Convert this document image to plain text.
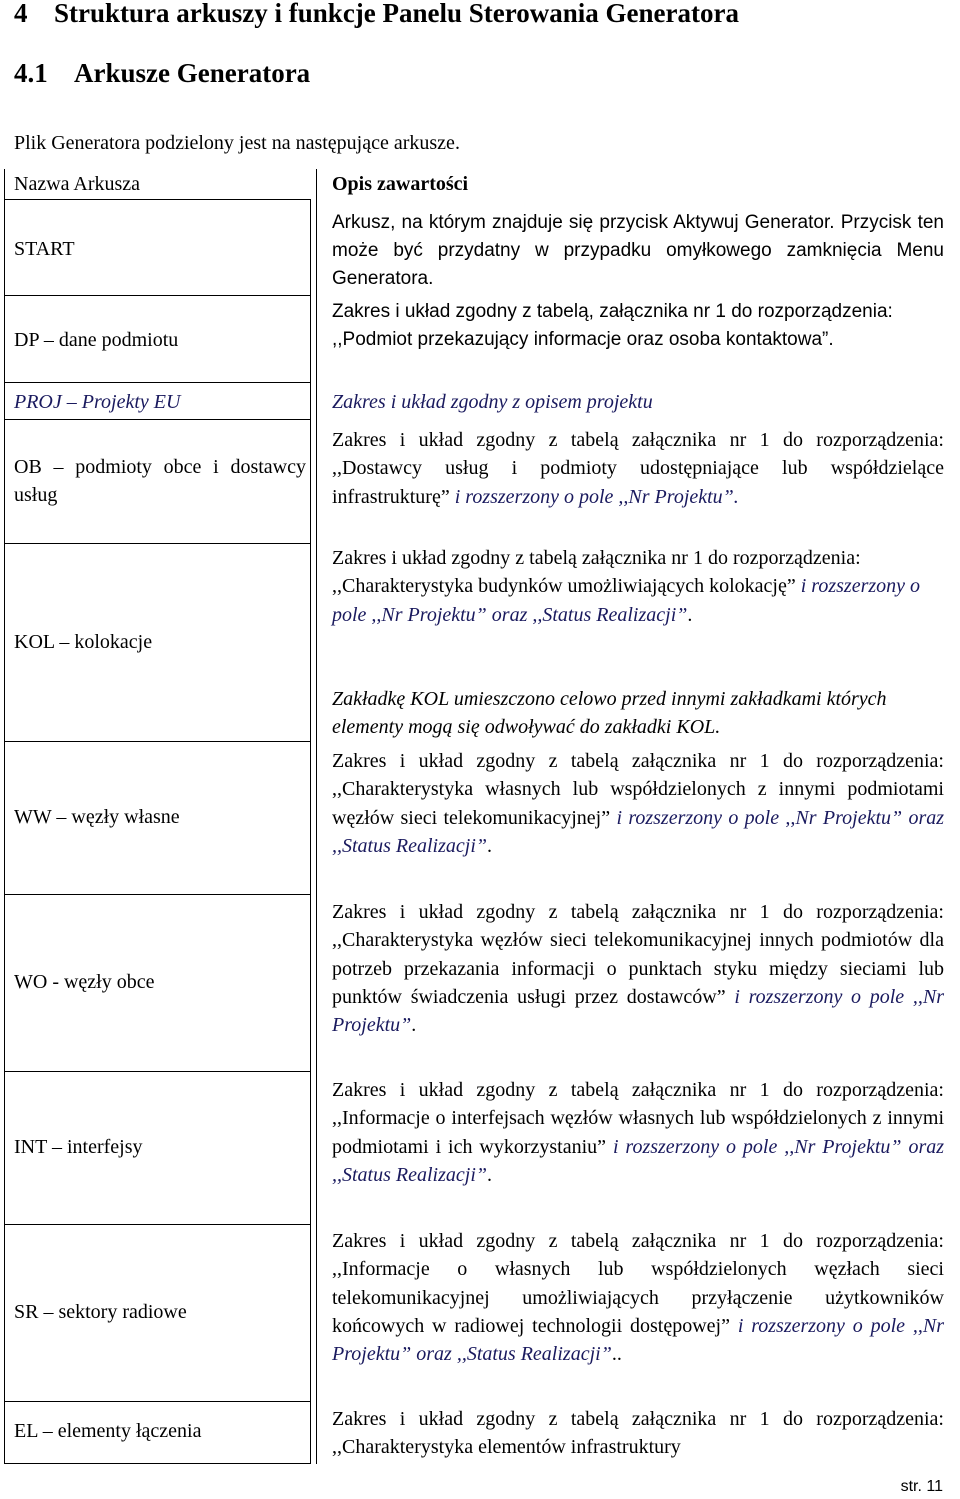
4 Struktura arkuszy i funkcje Panelu Sterowania Generatora
4.1 Arkusze Generatora
Plik Generatora podzielony jest na następujące arkusze.
Nazwa Arkusza	Opis zawartości
START
Arkusz, na którym znajduje się przycisk Aktywuj Generator. Przycisk ten może być przydatny w przypadku omyłkowego zamknięcia Menu Generatora.
DP – dane podmiotu
Zakres i układ zgodny z tabelą, załącznika nr 1 do rozporządzenia: ,,Podmiot przekazujący informacje oraz osoba kontaktowa”.
PROJ – Projekty EU	Zakres i układ zgodny z opisem projektu
OB – podmioty obce i dostawcy usług
Zakres i układ zgodny z tabelą załącznika nr 1 do rozporządzenia: ,,Dostawcy usług i podmioty udostępniające lub współdzielące infrastrukturę” i rozszerzony o pole ,,Nr Projektu”.
KOL – kolokacje
Zakres i układ zgodny z tabelą załącznika nr 1 do rozporządzenia: ,,Charakterystyka budynków umożliwiających kolokację” i rozszerzony o pole ,,Nr Projektu” oraz ,,Status Realizacji”.
Zakładkę KOL umieszczono celowo przed innymi zakładkami których elementy mogą się odwoływać do zakładki KOL.
WW – węzły własne
Zakres i układ zgodny z tabelą załącznika nr 1 do rozporządzenia: ,,Charakterystyka własnych lub współdzielonych z innymi podmiotami węzłów sieci telekomunikacyjnej” i rozszerzony o pole ,,Nr Projektu” oraz ,,Status Realizacji”.
WO - węzły obce
Zakres i układ zgodny z tabelą załącznika nr 1 do rozporządzenia: ,,Charakterystyka węzłów sieci telekomunikacyjnej innych podmiotów dla potrzeb przekazania informacji o punktach styku między sieciami lub punktów świadczenia usługi przez dostawców” i rozszerzony o pole ,,Nr Projektu”.
INT – interfejsy
Zakres i układ zgodny z tabelą załącznika nr 1 do rozporządzenia: ,,Informacje o interfejsach węzłów własnych lub współdzielonych z innymi podmiotami i ich wykorzystaniu” i rozszerzony o pole ,,Nr Projektu” oraz ,,Status Realizacji”.
SR – sektory radiowe
Zakres i układ zgodny z tabelą załącznika nr 1 do rozporządzenia: ,,Informacje o własnych lub współdzielonych węzłach sieci telekomunikacyjnej umożliwiających przyłączenie użytkowników końcowych w radiowej technologii dostępowej” i rozszerzony o pole ,,Nr Projektu” oraz ,,Status Realizacji”..
EL – elementy łączenia
Zakres i układ zgodny z tabelą załącznika nr 1 do rozporządzenia: ,,Charakterystyka elementów infrastruktury
str. 11
